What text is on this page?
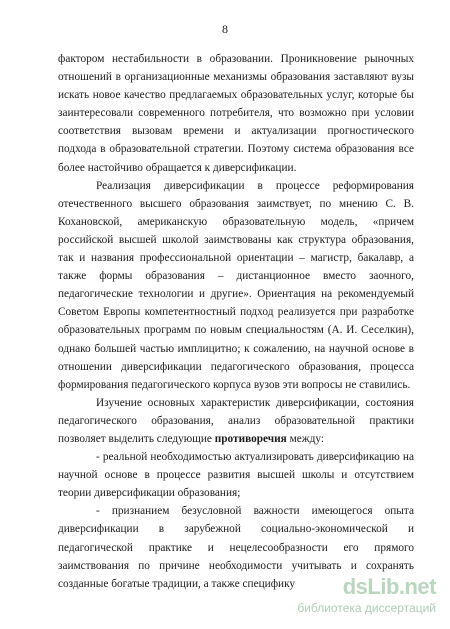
8

фактором нестабильности в образовании. Проникновение рыночных отношений в организационные механизмы образования заставляют вузы искать новое качество предлагаемых образовательных услуг, которые бы заинтересовали современного потребителя, что возможно при условии соответствия вызовам времени и актуализации прогностического подхода в образовательной стратегии. Поэтому система образования все более настойчиво обращается к диверсификации.

Реализация диверсификации в процессе реформирования отечественного высшего образования заимствует, по мнению С. В. Кохановской, американскую образовательную модель, «причем российской высшей школой заимствованы как структура образования, так и названия профессиональной ориентации – магистр, бакалавр, а также формы образования – дистанционное вместо заочного, педагогические технологии и другие». Ориентация на рекомендуемый Советом Европы компетентностный подход реализуется при разработке образовательных программ по новым специальностям (А. И. Сеселкин), однако большей частью имплицитно; к сожалению, на научной основе в отношении диверсификации педагогического образования, процесса формирования педагогического корпуса вузов эти вопросы не ставились.

Изучение основных характеристик диверсификации, состояния педагогического образования, анализ образовательной практики позволяет выделить следующие противоречия между:

- реальной необходимостью актуализировать диверсификацию на научной основе в процессе развития высшей школы и отсутствием теории диверсификации образования;

- признанием безусловной важности имеющегося опыта диверсификации в зарубежной социально-экономической и педагогической практике и нецелесообразности его прямого заимствования по причине необходимости учитывать и сохранять созданные богатые традиции, а также специфику	dsLib.net
библиотека диссертаций
